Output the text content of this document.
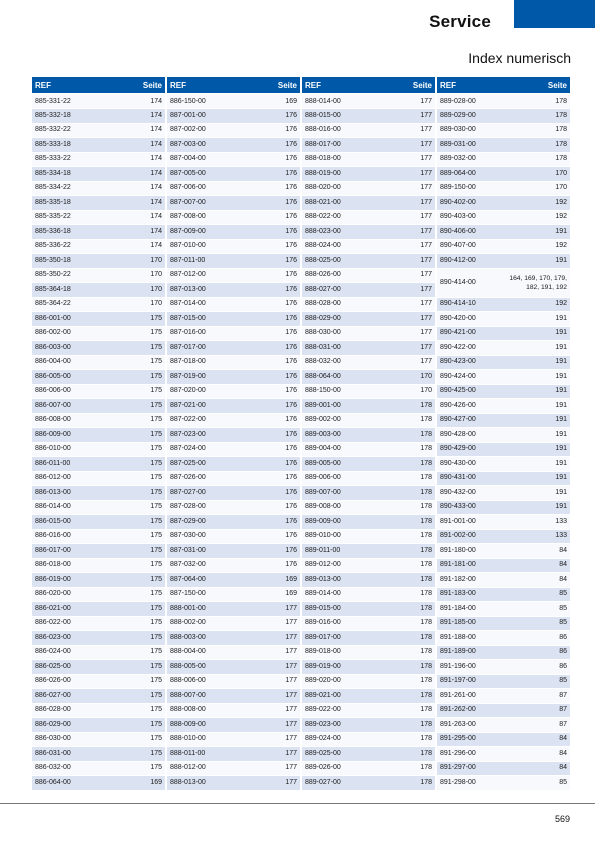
Service
Index numerisch
REF	Seite
885-331-22	174
885-332-18	174
885-332-22	174
885-333-18	174
885-333-22	174
885-334-18	174
885-334-22	174
885-335-18	174
885-335-22	174
885-336-18	174
885-336-22	174
885-350-18	170
885-350-22	170
885-364-18	170
885-364-22	170
886-001-00	175
886-002-00	175
886-003-00	175
886-004-00	175
886-005-00	175
886-006-00	175
886-007-00	175
886-008-00	175
886-009-00	175
886-010-00	175
886-011-00	175
886-012-00	175
886-013-00	175
886-014-00	175
886-015-00	175
886-016-00	175
886-017-00	175
886-018-00	175
886-019-00	175
886-020-00	175
886-021-00	175
886-022-00	175
886-023-00	175
886-024-00	175
886-025-00	175
886-026-00	175
886-027-00	175
886-028-00	175
886-029-00	175
886-030-00	175
886-031-00	175
886-032-00	175
886-064-00	169
REF	Seite
886-150-00	169
887-001-00	176
887-002-00	176
887-003-00	176
887-004-00	176
887-005-00	176
887-006-00	176
887-007-00	176
887-008-00	176
887-009-00	176
887-010-00	176
887-011-00	176
887-012-00	176
887-013-00	176
887-014-00	176
887-015-00	176
887-016-00	176
887-017-00	176
887-018-00	176
887-019-00	176
887-020-00	176
887-021-00	176
887-022-00	176
887-023-00	176
887-024-00	176
887-025-00	176
887-026-00	176
887-027-00	176
887-028-00	176
887-029-00	176
887-030-00	176
887-031-00	176
887-032-00	176
887-064-00	169
887-150-00	169
888-001-00	177
888-002-00	177
888-003-00	177
888-004-00	177
888-005-00	177
888-006-00	177
888-007-00	177
888-008-00	177
888-009-00	177
888-010-00	177
888-011-00	177
888-012-00	177
888-013-00	177
REF	Seite
888-014-00	177
888-015-00	177
888-016-00	177
888-017-00	177
888-018-00	177
888-019-00	177
888-020-00	177
888-021-00	177
888-022-00	177
888-023-00	177
888-024-00	177
888-025-00	177
888-026-00	177
888-027-00	177
888-028-00	177
888-029-00	177
888-030-00	177
888-031-00	177
888-032-00	177
888-064-00	170
888-150-00	170
889-001-00	178
889-002-00	178
889-003-00	178
889-004-00	178
889-005-00	178
889-006-00	178
889-007-00	178
889-008-00	178
889-009-00	178
889-010-00	178
889-011-00	178
889-012-00	178
889-013-00	178
889-014-00	178
889-015-00	178
889-016-00	178
889-017-00	178
889-018-00	178
889-019-00	178
889-020-00	178
889-021-00	178
889-022-00	178
889-023-00	178
889-024-00	178
889-025-00	178
889-026-00	178
889-027-00	178
REF	Seite
889-028-00	178
889-029-00	178
889-030-00	178
889-031-00	178
889-032-00	178
889-064-00	170
889-150-00	170
890-402-00	192
890-403-00	192
890-406-00	191
890-407-00	192
890-412-00	191
890-414-00	164, 169, 170, 179, 182, 191, 192
890-414-10	192
890-420-00	191
890-421-00	191
890-422-00	191
890-423-00	191
890-424-00	191
890-425-00	191
890-426-00	191
890-427-00	191
890-428-00	191
890-429-00	191
890-430-00	191
890-431-00	191
890-432-00	191
890-433-00	191
891-001-00	133
891-002-00	133
891-180-00	84
891-181-00	84
891-182-00	84
891-183-00	85
891-184-00	85
891-185-00	85
891-188-00	86
891-189-00	86
891-196-00	86
891-197-00	85
891-261-00	87
891-262-00	87
891-263-00	87
891-295-00	84
891-296-00	84
891-297-00	84
891-298-00	85
569
